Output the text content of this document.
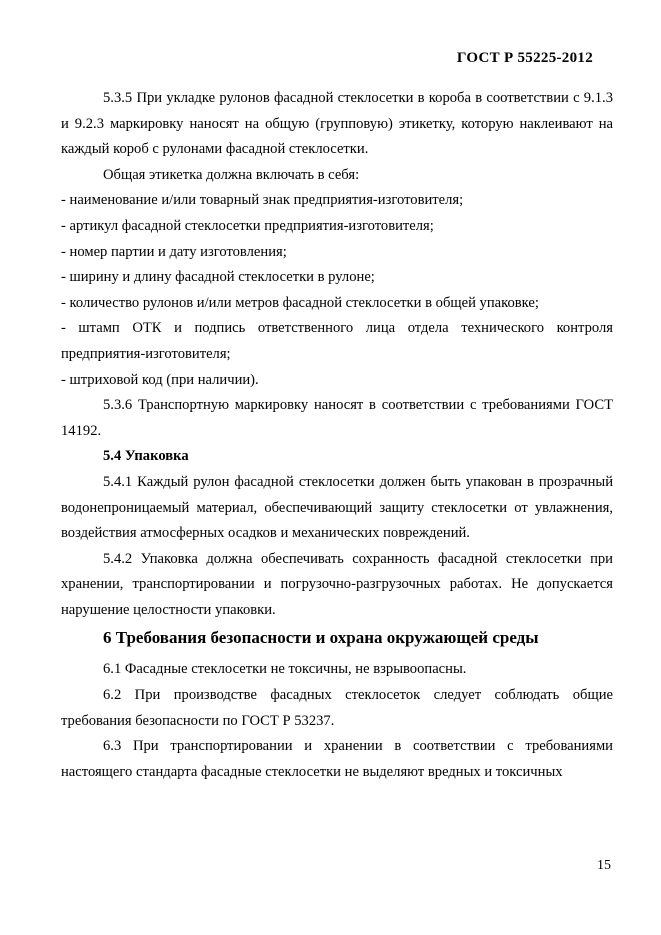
ГОСТ Р 55225-2012

5.3.5 При укладке рулонов фасадной стеклосетки в короба в соответствии с 9.1.3 и 9.2.3 маркировку наносят на общую (групповую) этикетку, которую наклеивают на каждый короб с рулонами фасадной стеклосетки.

Общая этикетка должна включать в себя:

- наименование и/или товарный знак предприятия-изготовителя;

- артикул фасадной стеклосетки предприятия-изготовителя;

- номер партии и дату изготовления;

- ширину и длину фасадной стеклосетки в рулоне;

- количество рулонов и/или метров фасадной стеклосетки в общей упаковке;

- штамп ОТК и подпись ответственного лица отдела технического контроля предприятия-изготовителя;

- штриховой код (при наличии).

5.3.6 Транспортную маркировку наносят в соответствии с требованиями ГОСТ 14192.

5.4 Упаковка

5.4.1 Каждый рулон фасадной стеклосетки должен быть упакован в прозрачный водонепроницаемый материал, обеспечивающий защиту стеклосетки от увлажнения, воздействия атмосферных осадков и механических повреждений.

5.4.2 Упаковка должна обеспечивать сохранность фасадной стеклосетки при хранении, транспортировании и погрузочно-разгрузочных работах. Не допускается нарушение целостности упаковки.

6 Требования безопасности и охрана окружающей среды

6.1 Фасадные стеклосетки не токсичны, не взрывоопасны.

6.2 При производстве фасадных стеклосеток следует соблюдать общие требования безопасности по ГОСТ Р 53237.

6.3 При транспортировании и хранении в соответствии с требованиями настоящего стандарта фасадные стеклосетки не выделяют вредных и токсичных

15
